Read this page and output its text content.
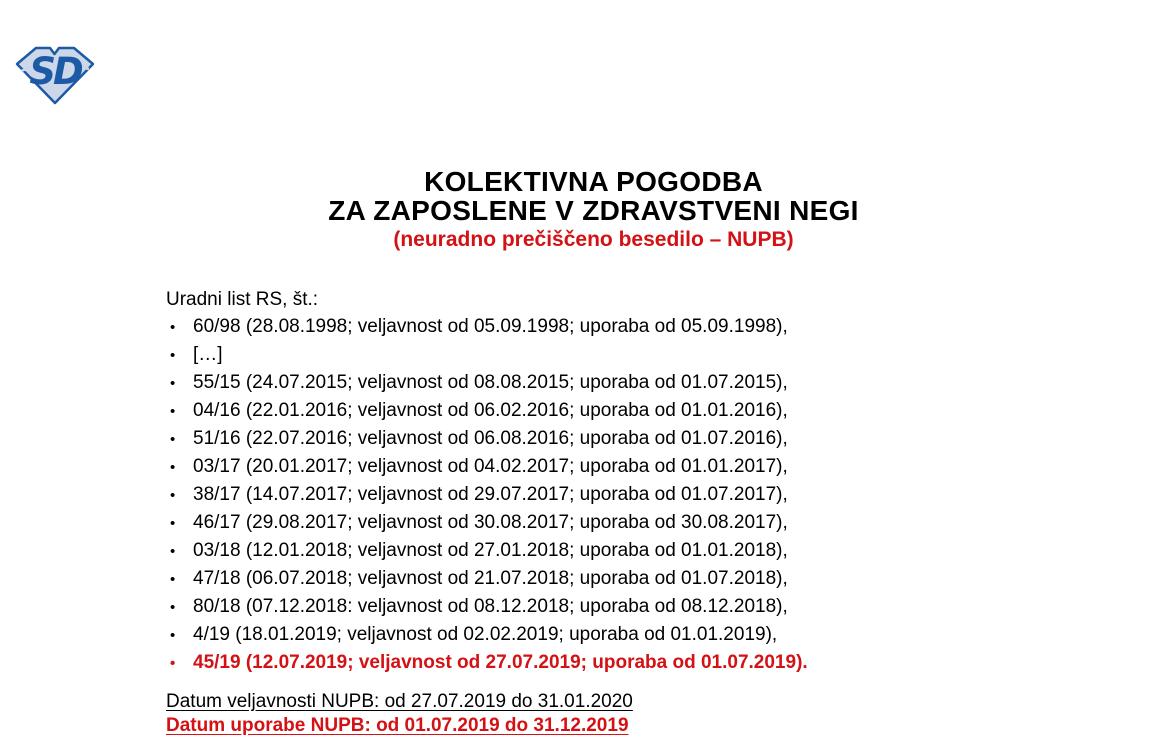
SD
KOLEKTIVNA POGODBA
ZA ZAPOSLENE V ZDRAVSTVENI NEGI
(neuradno prečiščeno besedilo – NUPB)
Uradni list RS, št.:
• 60/98 (28.08.1998; veljavnost od 05.09.1998; uporaba od 05.09.1998),
• […]
• 55/15 (24.07.2015; veljavnost od 08.08.2015; uporaba od 01.07.2015),
• 04/16 (22.01.2016; veljavnost od 06.02.2016; uporaba od 01.01.2016),
• 51/16 (22.07.2016; veljavnost od 06.08.2016; uporaba od 01.07.2016),
• 03/17 (20.01.2017; veljavnost od 04.02.2017; uporaba od 01.01.2017),
• 38/17 (14.07.2017; veljavnost od 29.07.2017; uporaba od 01.07.2017),
• 46/17 (29.08.2017; veljavnost od 30.08.2017; uporaba od 30.08.2017),
• 03/18 (12.01.2018; veljavnost od 27.01.2018; uporaba od 01.01.2018),
• 47/18 (06.07.2018; veljavnost od 21.07.2018; uporaba od 01.07.2018),
• 80/18 (07.12.2018: veljavnost od 08.12.2018; uporaba od 08.12.2018),
• 4/19 (18.01.2019; veljavnost od 02.02.2019; uporaba od 01.01.2019),
• 45/19 (12.07.2019; veljavnost od 27.07.2019; uporaba od 01.07.2019).
Datum veljavnosti NUPB: od 27.07.2019 do 31.01.2020
Datum uporabe NUPB: od 01.07.2019 do 31.12.2019
